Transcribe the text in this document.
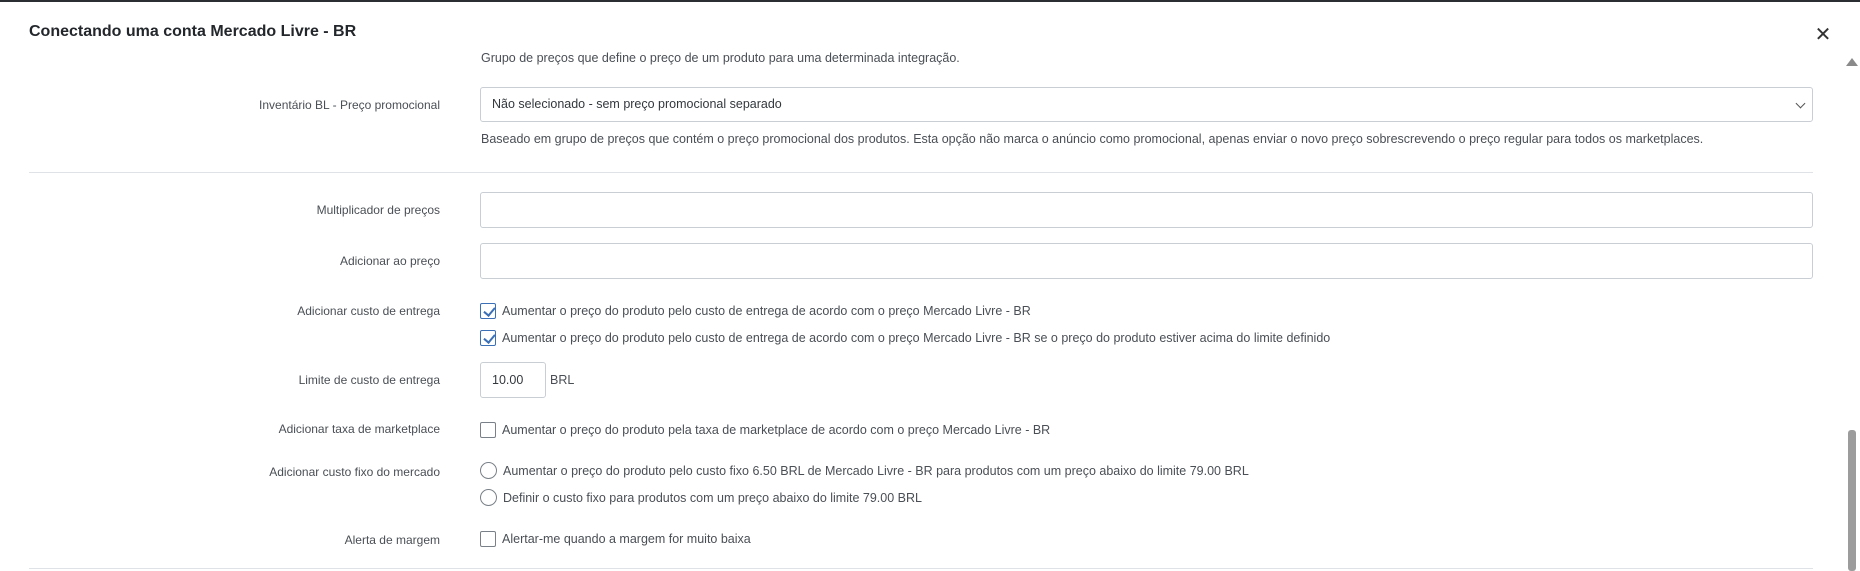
Conectando uma conta Mercado Livre - BR	✕
Grupo de preços que define o preço de um produto para uma determinada integração.
Inventário BL - Preço promocional	Não selecionado - sem preço promocional separado
Baseado em grupo de preços que contém o preço promocional dos produtos. Esta opção não marca o anúncio como promocional, apenas enviar o novo preço sobrescrevendo o preço regular para todos os marketplaces.
Multiplicador de preços
Adicionar ao preço
Adicionar custo de entrega	Aumentar o preço do produto pelo custo de entrega de acordo com o preço Mercado Livre - BR
Aumentar o preço do produto pelo custo de entrega de acordo com o preço Mercado Livre - BR se o preço do produto estiver acima do limite definido
Limite de custo de entrega	10.00	BRL
Adicionar taxa de marketplace	Aumentar o preço do produto pela taxa de marketplace de acordo com o preço Mercado Livre - BR
Adicionar custo fixo do mercado	Aumentar o preço do produto pelo custo fixo 6.50 BRL de Mercado Livre - BR para produtos com um preço abaixo do limite 79.00 BRL
Definir o custo fixo para produtos com um preço abaixo do limite 79.00 BRL
Alerta de margem	Alertar-me quando a margem for muito baixa
